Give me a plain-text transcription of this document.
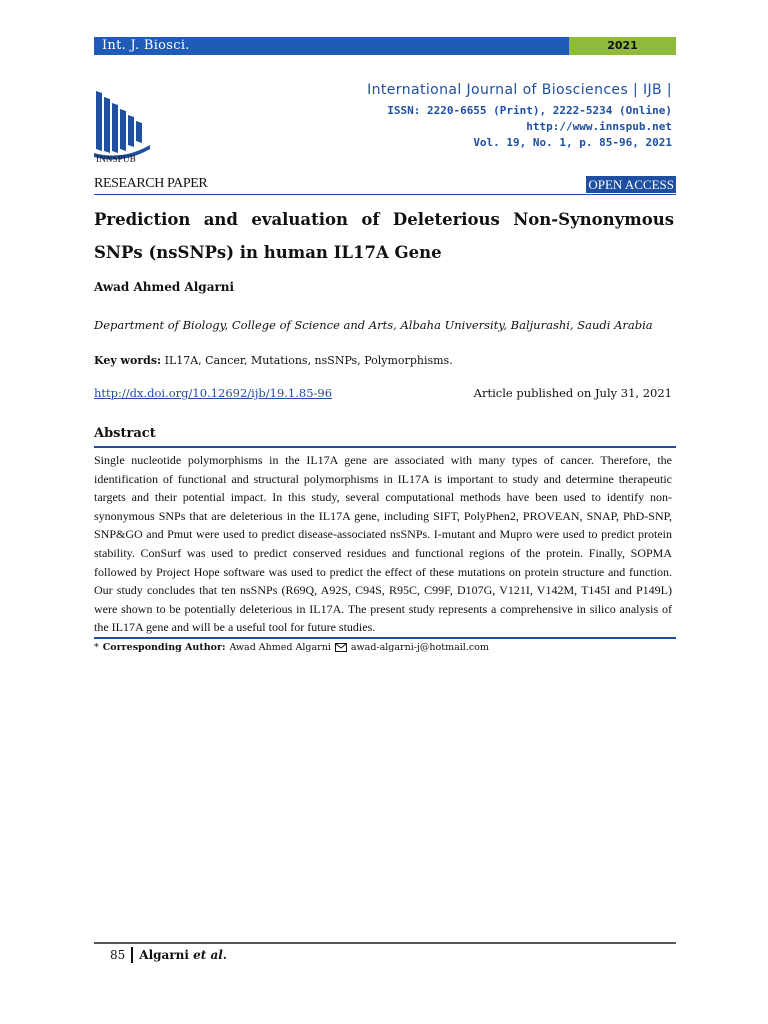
Int. J. Biosci.	2021
INNSPUB
International Journal of Biosciences | IJB |
ISSN: 2220-6655 (Print), 2222-5234 (Online)
http://www.innspub.net
Vol. 19, No. 1, p. 85-96, 2021
RESEARCH PAPER	OPEN ACCESS
Prediction and evaluation of Deleterious Non-Synonymous SNPs (nsSNPs) in human IL17A Gene
Awad Ahmed Algarni
Department of Biology, College of Science and Arts, Albaha University, Baljurashi, Saudi Arabia
Key words: IL17A, Cancer, Mutations, nsSNPs, Polymorphisms.
http://dx.doi.org/10.12692/ijb/19.1.85-96	Article published on July 31, 2021
Abstract
Single nucleotide polymorphisms in the IL17A gene are associated with many types of cancer. Therefore, the identification of functional and structural polymorphisms in IL17A is important to study and determine therapeutic targets and their potential impact. In this study, several computational methods have been used to identify non-synonymous SNPs that are deleterious in the IL17A gene, including SIFT, PolyPhen2, PROVEAN, SNAP, PhD-SNP, SNP&GO and Pmut were used to predict disease-associated nsSNPs. I-mutant and Mupro were used to predict protein stability. ConSurf was used to predict conserved residues and functional regions of the protein. Finally, SOPMA followed by Project Hope software was used to predict the effect of these mutations on protein structure and function. Our study concludes that ten nsSNPs (R69Q, A92S, C94S, R95C, C99F, D107G, V121I, V142M, T145I and P149L) were shown to be potentially deleterious in IL17A. The present study represents a comprehensive in silico analysis of the IL17A gene and will be a useful tool for future studies.
* Corresponding Author: Awad Ahmed Algarni awad-algarni-j@hotmail.com
85	Algarni et al.
